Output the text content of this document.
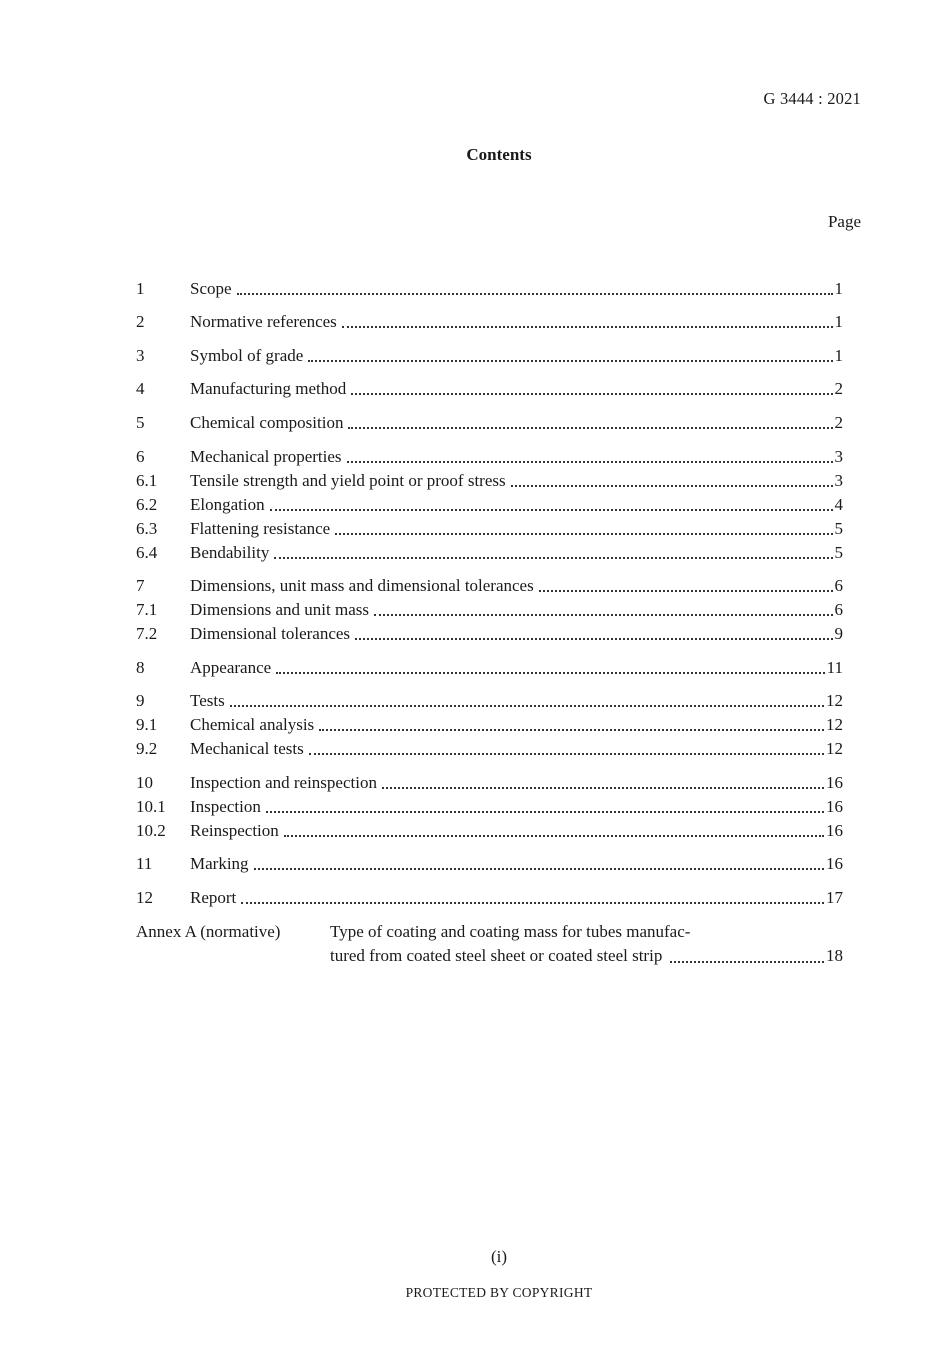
G 3444 : 2021
Contents
Page
1	Scope	1
2	Normative references	1
3	Symbol of grade	1
4	Manufacturing method	2
5	Chemical composition	2
6	Mechanical properties	3
6.1 Tensile strength and yield point or proof stress	3
6.2 Elongation	4
6.3 Flattening resistance	5
6.4 Bendability	5
7	Dimensions, unit mass and dimensional tolerances	6
7.1 Dimensions and unit mass	6
7.2 Dimensional tolerances	9
8	Appearance	11
9	Tests	12
9.1 Chemical analysis	12
9.2 Mechanical tests	12
10 Inspection and reinspection	16
10.1 Inspection	16
10.2 Reinspection	16
11 Marking	16
12 Report	17
Annex A (normative)	Type of coating and coating mass for tubes manufac-
tured from coated steel sheet or coated steel strip	18
(i)
PROTECTED BY COPYRIGHT
